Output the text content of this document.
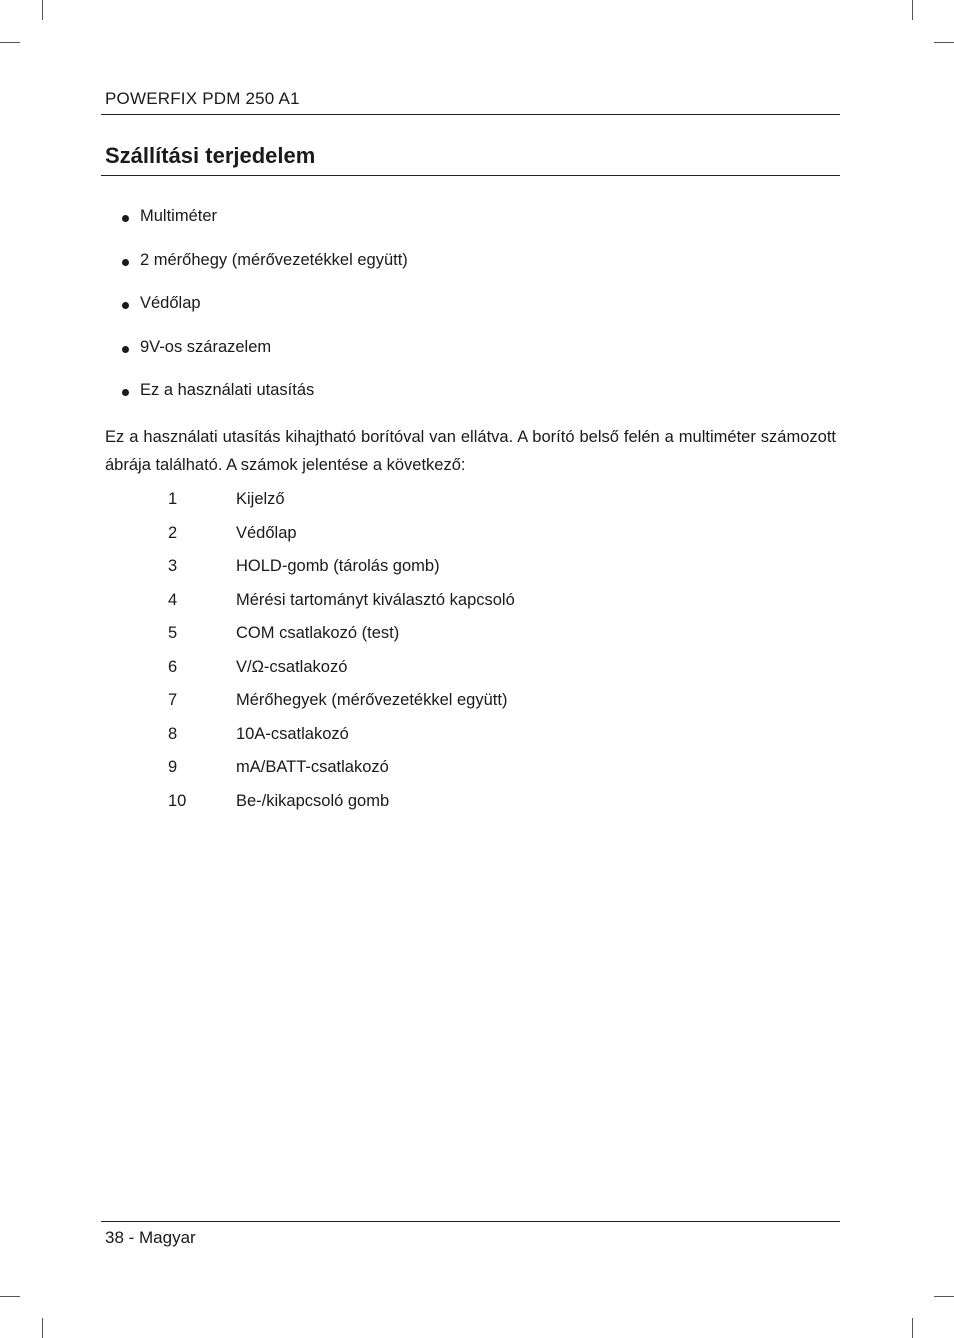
POWERFIX PDM 250 A1
Szállítási terjedelem
Multiméter
2 mérőhegy (mérővezetékkel együtt)
Védőlap
9V-os szárazelem
Ez a használati utasítás

Ez a használati utasítás kihajtható borítóval van ellátva. A borító belső felén a multiméter számozott ábrája található. A számok jelentése a következő:

1	Kijelző
2	Védőlap
3	HOLD-gomb (tárolás gomb)
4	Mérési tartományt kiválasztó kapcsoló
5	COM csatlakozó (test)
6	V/Ω-csatlakozó
7	Mérőhegyek (mérővezetékkel együtt)
8	10A-csatlakozó
9	mA/BATT-csatlakozó
10	Be-/kikapcsoló gomb
38 - Magyar
